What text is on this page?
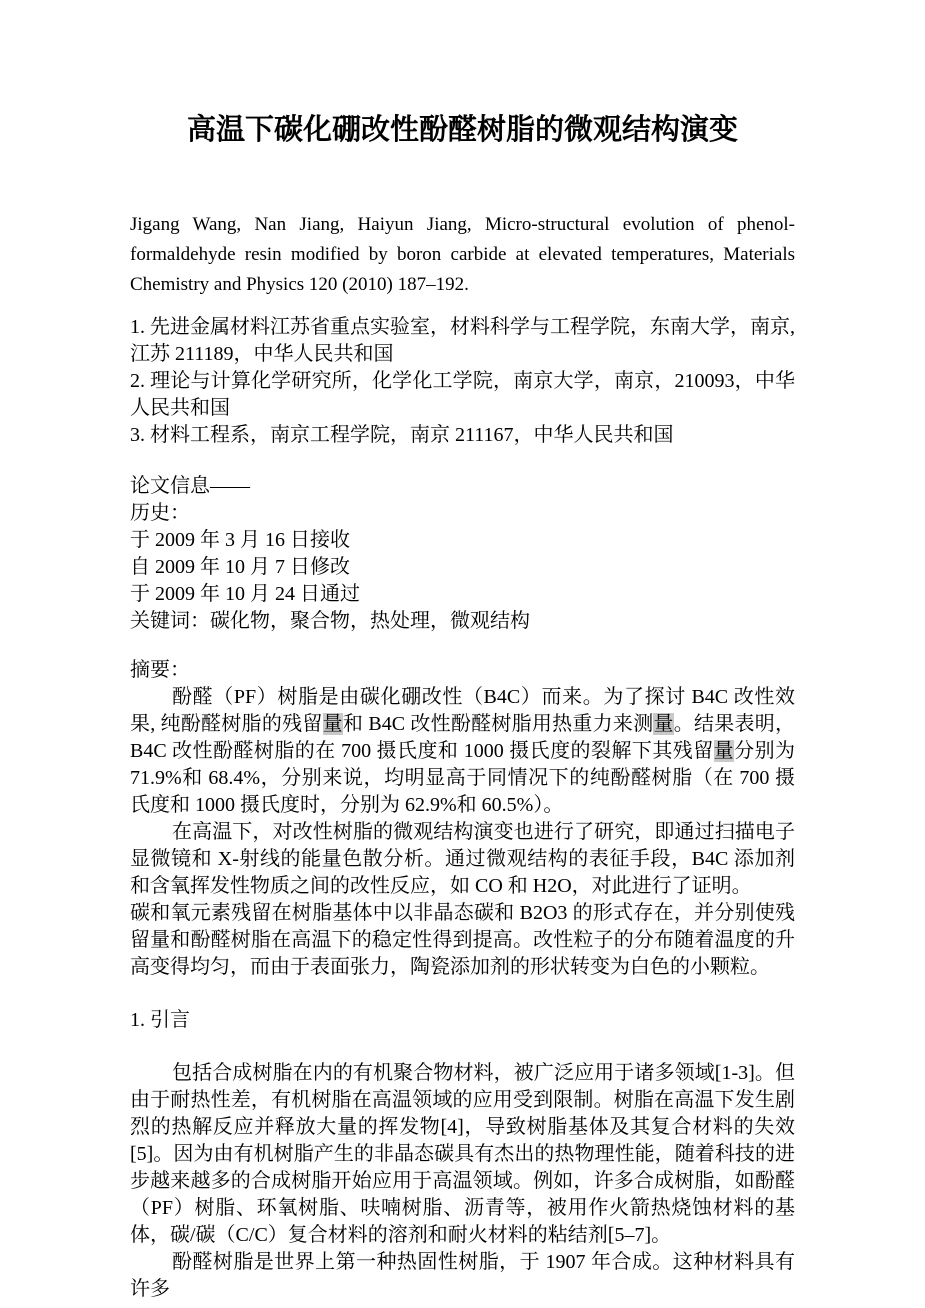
高温下碳化硼改性酚醛树脂的微观结构演变

Jigang Wang, Nan Jiang, Haiyun Jiang, Micro-structural evolution of phenol-formaldehyde resin modified by boron carbide at elevated temperatures, Materials Chemistry and Physics 120 (2010) 187–192.

1. 先进金属材料江苏省重点实验室，材料科学与工程学院，东南大学，南京,江苏 211189，中华人民共和国

2. 理论与计算化学研究所，化学化工学院，南京大学，南京，210093，中华人民共和国

3. 材料工程系，南京工程学院，南京 211167，中华人民共和国

论文信息——

历史：

于 2009 年 3 月 16 日接收

自 2009 年 10 月 7 日修改

于 2009 年 10 月 24 日通过

关键词：碳化物，聚合物，热处理，微观结构

摘要：

酚醛（PF）树脂是由碳化硼改性（B4C）而来。为了探讨 B4C 改性效果, 纯酚醛树脂的残留量和 B4C 改性酚醛树脂用热重力来测量。结果表明，B4C 改性酚醛树脂的在 700 摄氏度和 1000 摄氏度的裂解下其残留量分别为 71.9%和 68.4%，分别来说，均明显高于同情况下的纯酚醛树脂（在 700 摄氏度和 1000 摄氏度时，分别为 62.9%和 60.5%）。

在高温下，对改性树脂的微观结构演变也进行了研究，即通过扫描电子显微镜和 X-射线的能量色散分析。通过微观结构的表征手段，B4C 添加剂和含氧挥发性物质之间的改性反应，如 CO 和 H2O，对此进行了证明。

碳和氧元素残留在树脂基体中以非晶态碳和 B2O3 的形式存在，并分别使残留量和酚醛树脂在高温下的稳定性得到提高。改性粒子的分布随着温度的升高变得均匀，而由于表面张力，陶瓷添加剂的形状转变为白色的小颗粒。

1. 引言

包括合成树脂在内的有机聚合物材料，被广泛应用于诸多领域[1-3]。但由于耐热性差，有机树脂在高温领域的应用受到限制。树脂在高温下发生剧烈的热解反应并释放大量的挥发物[4]，导致树脂基体及其复合材料的失效[5]。因为由有机树脂产生的非晶态碳具有杰出的热物理性能，随着科技的进步越来越多的合成树脂开始应用于高温领域。例如，许多合成树脂，如酚醛（PF）树脂、环氧树脂、呋喃树脂、沥青等，被用作火箭热烧蚀材料的基体，碳/碳（C/C）复合材料的溶剂和耐火材料的粘结剂[5–7]。

酚醛树脂是世界上第一种热固性树脂，于 1907 年合成。这种材料具有许多
